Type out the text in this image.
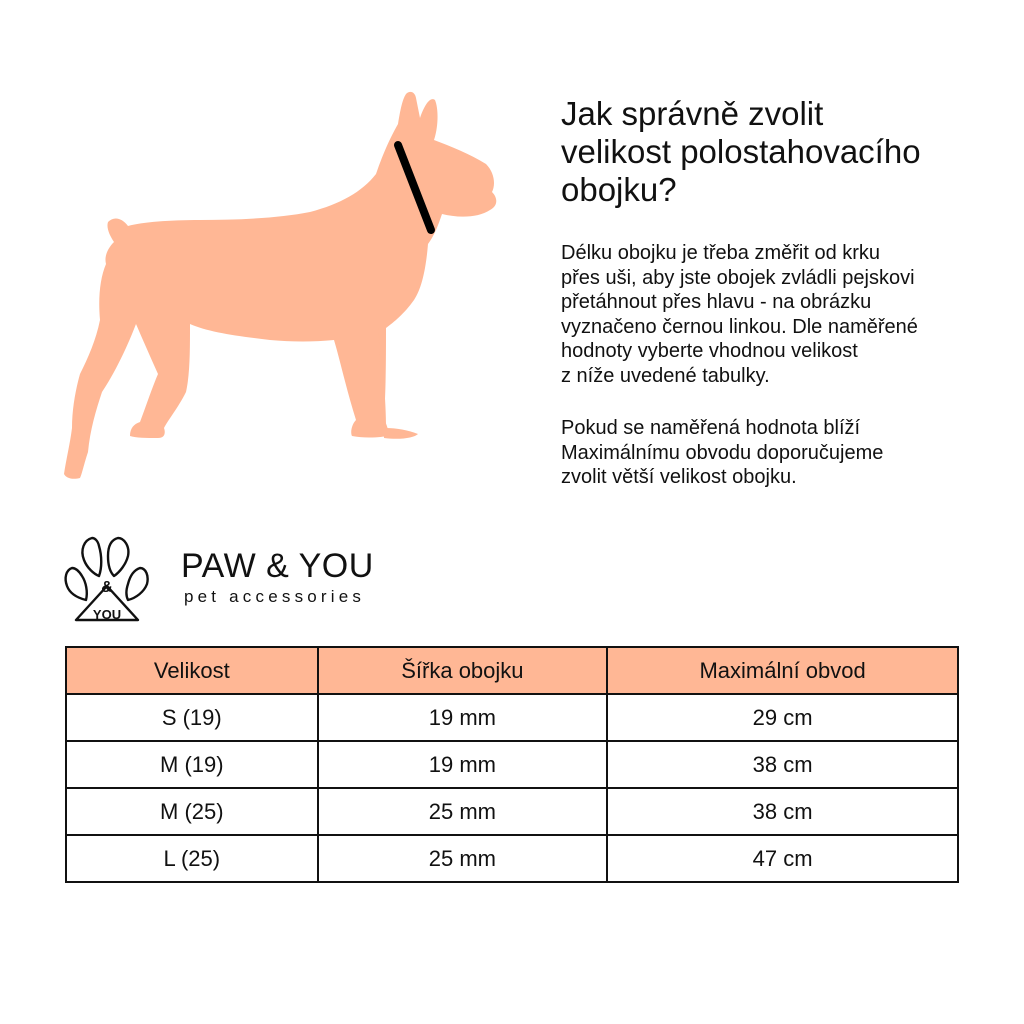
Jak správně zvolit
velikost polostahovacího
obojku?

Délku obojku je třeba změřit od krku
přes uši, aby jste obojek zvládli pejskovi
přetáhnout přes hlavu - na obrázku
vyznačeno černou linkou. Dle naměřené
hodnoty vyberte vhodnou velikost
z níže uvedené tabulky.

Pokud se naměřená hodnota blíží
Maximálnímu obvodu doporučujeme
zvolit větší velikost obojku.

&
YOU
PAW & YOU
pet accessories
Velikost	Šířka obojku	Maximální obvod
S (19)	19 mm	29 cm
M (19)	19 mm	38 cm
M (25)	25 mm	38 cm
L (25)	25 mm	47 cm
